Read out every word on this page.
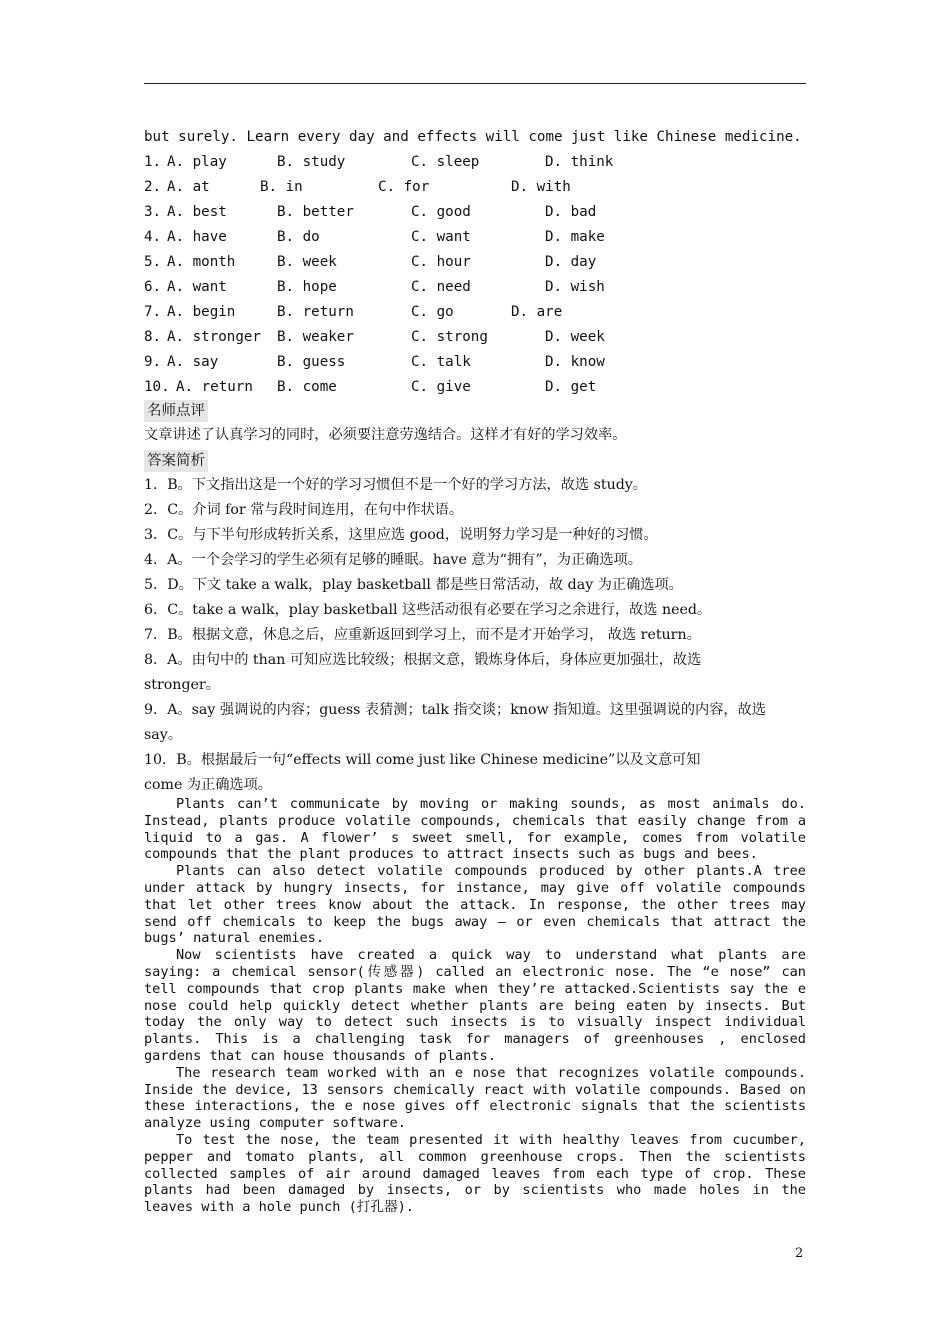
but surely. Learn every day and effects will come just like Chinese medicine.
1. A. play	B. study	C. sleep	D. think
2. A. at	B. in	C. for	D. with
3. A. best	B. better	C. good	D. bad
4. A. have	B. do	C. want	D. make
5. A. month	B. week	C. hour	D. day
6. A. want	B. hope	C. need	D. wish
7. A. begin	B. return	C. go	D. are
8. A. stronger B. weaker	C. strong	D. week
9. A. say	B. guess	C. talk	D. know
10. A. return B. come	C. give	D. get
名师点评
文章讲述了认真学习的同时，必须要注意劳逸结合。这样才有好的学习效率。
答案简析
1．B。下文指出这是一个好的学习习惯但不是一个好的学习方法，故选 study。
2．C。介词 for 常与段时间连用，在句中作状语。
3．C。与下半句形成转折关系，这里应选 good，说明努力学习是一种好的习惯。
4．A。一个会学习的学生必须有足够的睡眠。have 意为“拥有”，为正确选项。
5．D。下文 take a walk，play basketball 都是些日常活动，故 day 为正确选项。
6．C。take a walk，play basketball 这些活动很有必要在学习之余进行，故选 need。
7．B。根据文意，休息之后，应重新返回到学习上，而不是才开始学习， 故选 return。
8．A。由句中的 than 可知应选比较级；根据文意，锻炼身体后，身体应更加强壮，故选
stronger。
9．A。say 强调说的内容；guess 表猜测；talk 指交谈；know 指知道。这里强调说的内容，故选
say。
10．B。根据最后一句“effects will come just like Chinese medicine”以及文意可知
come 为正确选项。

Plants can’t communicate by moving or making sounds, as most animals do. Instead, plants produce volatile compounds, chemicals that easily change from a liquid to a gas. A flower’ s sweet smell, for example, comes from volatile compounds that the plant produces to attract insects such as bugs and bees.

Plants can also detect volatile compounds produced by other plants.A tree under attack by hungry insects, for instance, may give off volatile compounds that let other trees know about the attack. In response, the other trees may send off chemicals to keep the bugs away — or even chemicals that attract the bugs’ natural enemies.

Now scientists have created a quick way to understand what plants are saying: a chemical sensor(传感器) called an electronic nose. The “e nose” can tell compounds that crop plants make when they’re attacked.Scientists say the e nose could help quickly detect whether plants are being eaten by insects. But today the only way to detect such insects is to visually inspect individual plants. This is a challenging task for managers of greenhouses , enclosed gardens that can house thousands of plants.

The research team worked with an e nose that recognizes volatile compounds. Inside the device, 13 sensors chemically react with volatile compounds. Based on these interactions, the e nose gives off electronic signals that the scientists analyze using computer software.

To test the nose, the team presented it with healthy leaves from cucumber, pepper and tomato plants, all common greenhouse crops. Then the scientists collected samples of air around damaged leaves from each type of crop. These plants had been damaged by insects, or by scientists who made holes in the leaves with a hole punch (打孔器).

2
